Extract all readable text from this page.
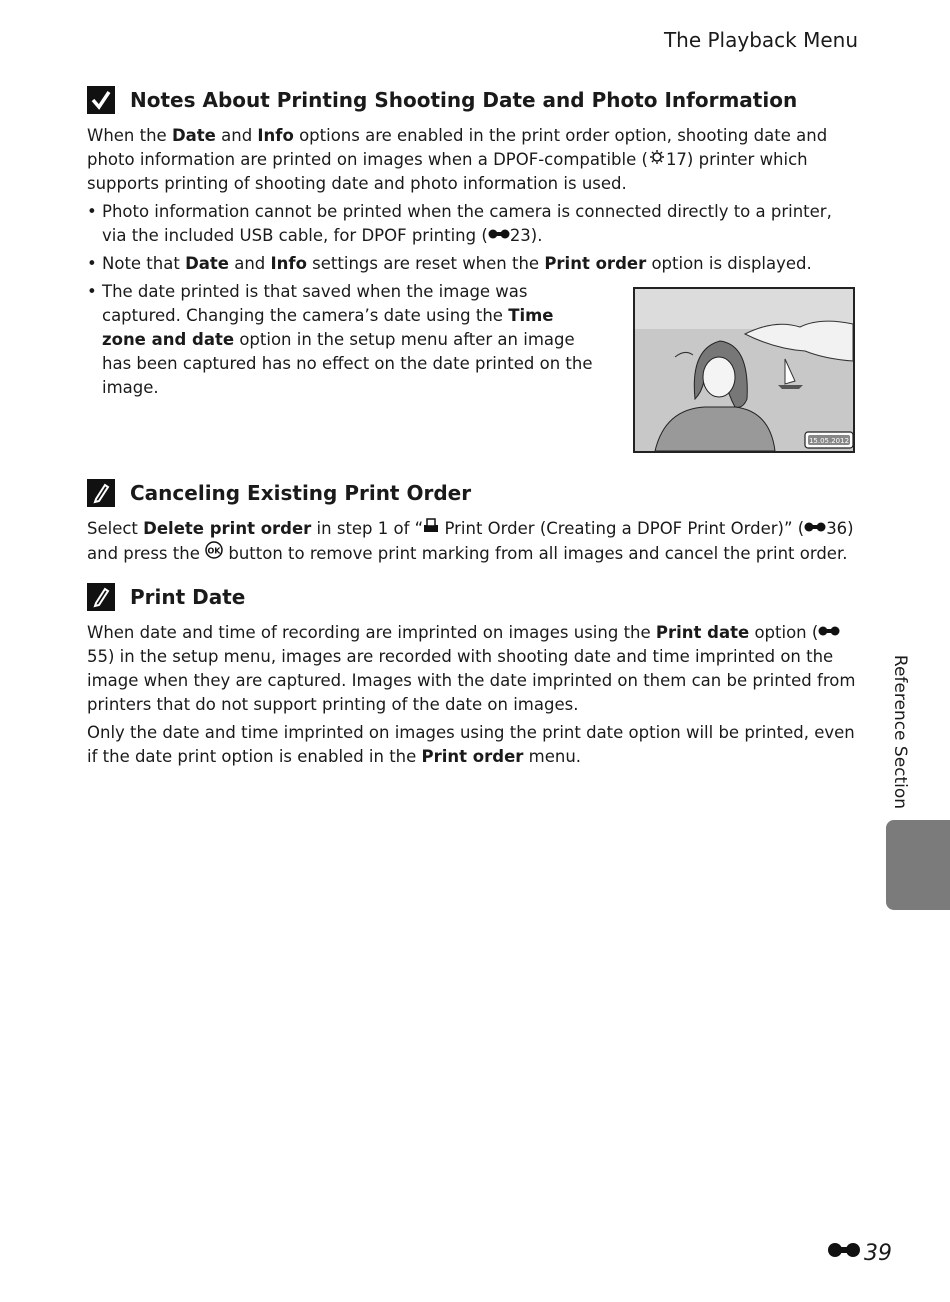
The Playback Menu
Notes About Printing Shooting Date and Photo Information

When the Date and Info options are enabled in the print order option, shooting date and photo information are printed on images when a DPOF-compatible ( 17) printer which supports printing of shooting date and photo information is used.

• Photo information cannot be printed when the camera is connected directly to a printer, via the included USB cable, for DPOF printing ( 23).
• Note that Date and Info settings are reset when the Print order option is displayed.
• The date printed is that saved when the image was captured. Changing the camera’s date using the Time zone and date option in the setup menu after an image has been captured has no effect on the date printed on the image.
15.05.2012
Canceling Existing Print Order

Select Delete print order in step 1 of “ Print Order (Creating a DPOF Print Order)” ( 36) and press the OK button to remove print marking from all images and cancel the print order.

Print Date

When date and time of recording are imprinted on images using the Print date option (55) in the setup menu, images are recorded with shooting date and time imprinted on the image when they are captured. Images with the date imprinted on them can be printed from printers that do not support printing of the date on images.

Only the date and time imprinted on images using the print date option will be printed, even if the date print option is enabled in the Print order menu.	Reference Section
39
